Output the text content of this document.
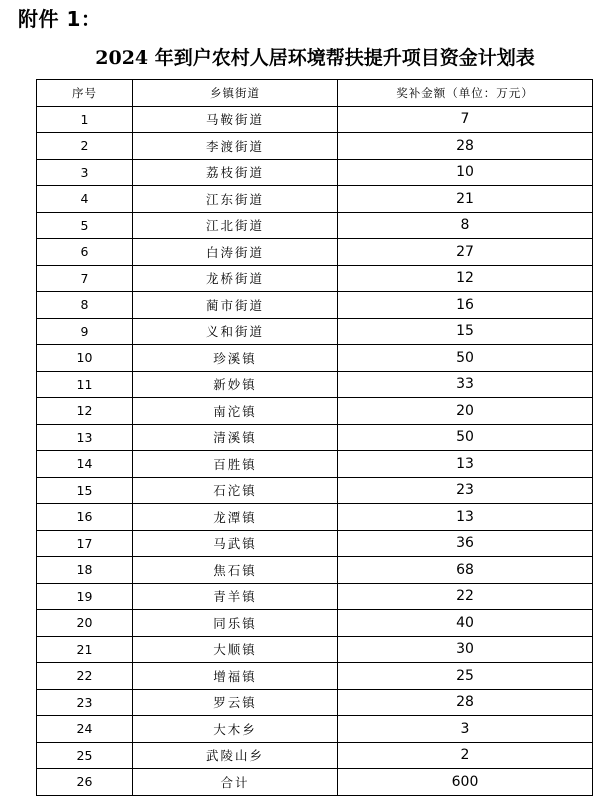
附件 1：
2024 年到户农村人居环境帮扶提升项目资金计划表
序号	乡镇街道	奖补金额（单位：万元）
1	马鞍街道	7
2	李渡街道	28
3	荔枝街道	10
4	江东街道	21
5	江北街道	8
6	白涛街道	27
7	龙桥街道	12
8	蔺市街道	16
9	义和街道	15
10	珍溪镇	50
11	新妙镇	33
12	南沱镇	20
13	清溪镇	50
14	百胜镇	13
15	石沱镇	23
16	龙潭镇	13
17	马武镇	36
18	焦石镇	68
19	青羊镇	22
20	同乐镇	40
21	大顺镇	30
22	增福镇	25
23	罗云镇	28
24	大木乡	3
25	武陵山乡	2
26	合计	600
